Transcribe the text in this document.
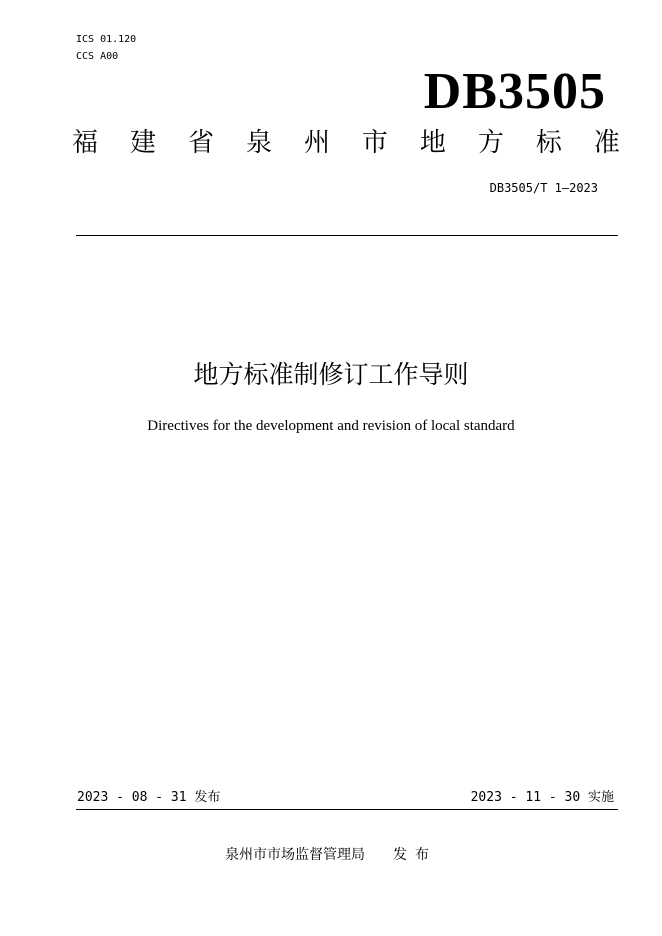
ICS 01.120
CCS A00
DB3505
福 建 省 泉 州 市 地 方 标 准
DB3505/T 1—2023
地方标准制修订工作导则
Directives for the development and revision of local standard
2023 - 08 - 31 发布	2023 - 11 - 30 实施
泉州市市场监督管理局 发布
